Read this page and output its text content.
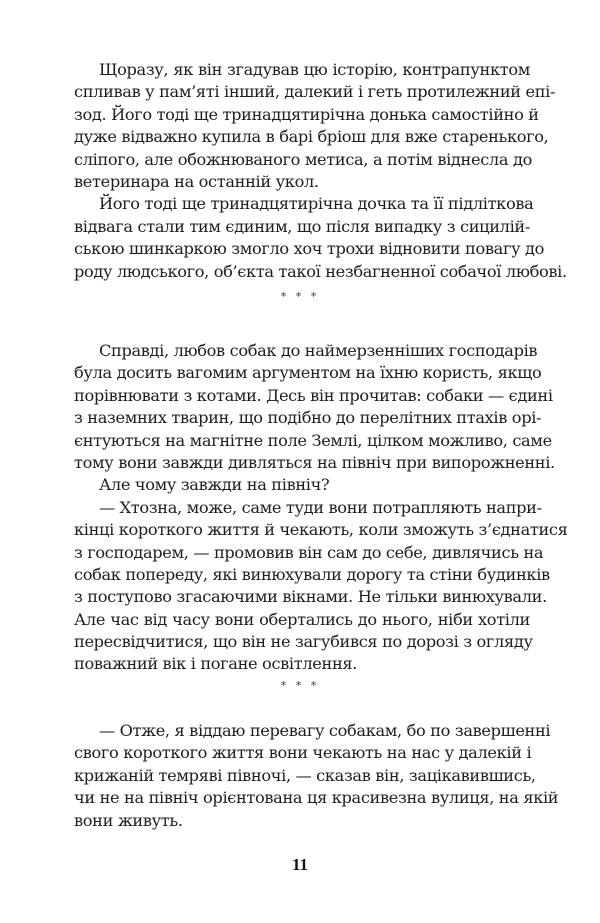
Щоразу, як він згадував цю історію, контрапунктом
спливав у пам’яті інший, далекий і геть протилежний епі-
зод. Його тоді ще тринадцятирічна донька самостійно й
дуже відважно купила в барі бріош для вже старенького,
сліпого, але обожнюваного метиса, а потім віднесла до
ветеринара на останній укол.
Його тоді ще тринадцятирічна дочка та її підліткова
відвага стали тим єдиним, що після випадку з сицилій-
ською шинкаркою змогло хоч трохи відновити повагу до
роду людського, об’єкта такої незбагненної собачої любові.
* * *
Справді, любов собак до наймерзенніших господарів
була досить вагомим аргументом на їхню користь, якщо
порівнювати з котами. Десь він прочитав: собаки — єдині
з наземних тварин, що подібно до перелітних птахів орі-
єнтуються на магнітне поле Землі, цілком можливо, саме
тому вони завжди дивляться на північ при випорожненні.
Але чому завжди на північ?
— Хтозна, може, саме туди вони потрапляють напри-
кінці короткого життя й чекають, коли зможуть з’єднатися
з господарем, — промовив він сам до себе, дивлячись на
собак попереду, які винюхували дорогу та стіни будинків
з поступово згасаючими вікнами. Не тільки винюхували.
Але час від часу вони обертались до нього, ніби хотіли
пересвідчитися, що він не загубився по дорозі з огляду
поважний вік і погане освітлення.
* * *
— Отже, я віддаю перевагу собакам, бо по завершенні
свого короткого життя вони чекають на нас у далекій і
крижаній темряві півночі, — сказав він, зацікавившись,
чи не на північ орієнтована ця красивезна вулиця, на якій
вони живуть.
11
